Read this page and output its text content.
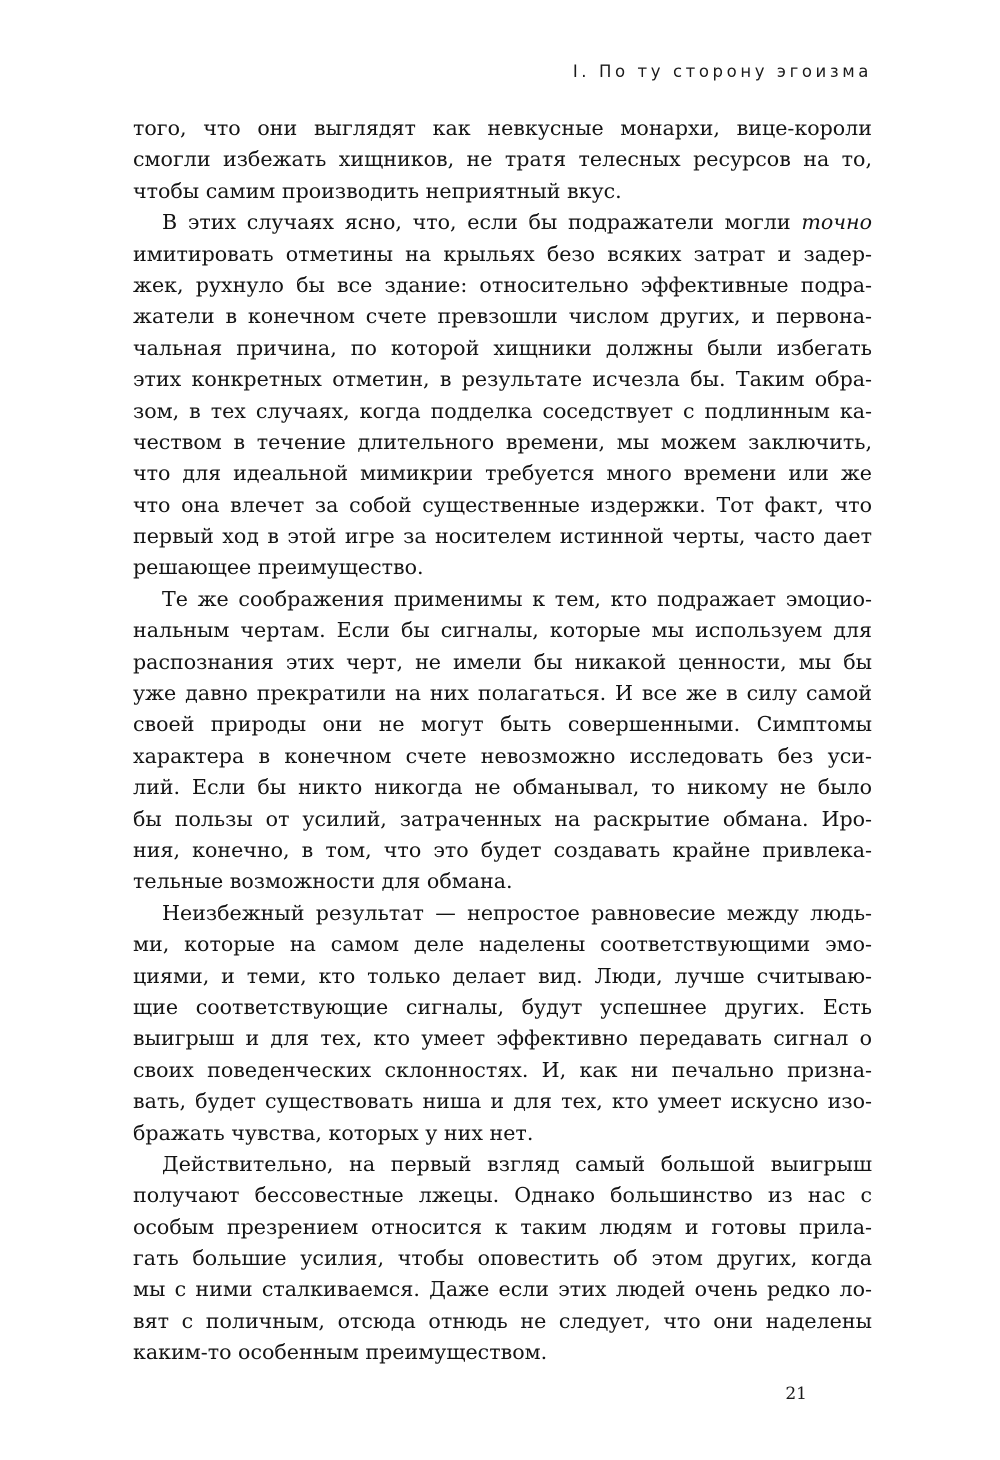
I. По ту сторону эгоизма
того, что они выглядят как невкусные монархи, вице-короли
смогли избежать хищников, не тратя телесных ресурсов на то,
чтобы самим производить неприятный вкус.
В этих случаях ясно, что, если бы подражатели могли точно
имитировать отметины на крыльях безо всяких затрат и задер-
жек, рухнуло бы все здание: относительно эффективные подра-
жатели в конечном счете превзошли числом других, и первона-
чальная причина, по которой хищники должны были избегать
этих конкретных отметин, в результате исчезла бы. Таким обра-
зом, в тех случаях, когда подделка соседствует с подлинным ка-
чеством в течение длительного времени, мы можем заключить,
что для идеальной мимикрии требуется много времени или же
что она влечет за собой существенные издержки. Тот факт, что
первый ход в этой игре за носителем истинной черты, часто дает
решающее преимущество.
Те же соображения применимы к тем, кто подражает эмоцио-
нальным чертам. Если бы сигналы, которые мы используем для
распознания этих черт, не имели бы никакой ценности, мы бы
уже давно прекратили на них полагаться. И все же в силу самой
своей природы они не могут быть совершенными. Симптомы
характера в конечном счете невозможно исследовать без уси-
лий. Если бы никто никогда не обманывал, то никому не было
бы пользы от усилий, затраченных на раскрытие обмана. Иро-
ния, конечно, в том, что это будет создавать крайне привлека-
тельные возможности для обмана.
Неизбежный результат — непростое равновесие между людь-
ми, которые на самом деле наделены соответствующими эмо-
циями, и теми, кто только делает вид. Люди, лучше считываю-
щие соответствующие сигналы, будут успешнее других. Есть
выигрыш и для тех, кто умеет эффективно передавать сигнал о
своих поведенческих склонностях. И, как ни печально призна-
вать, будет существовать ниша и для тех, кто умеет искусно изо-
бражать чувства, которых у них нет.
Действительно, на первый взгляд самый большой выигрыш
получают бессовестные лжецы. Однако большинство из нас с
особым презрением относится к таким людям и готовы прила-
гать большие усилия, чтобы оповестить об этом других, когда
мы с ними сталкиваемся. Даже если этих людей очень редко ло-
вят с поличным, отсюда отнюдь не следует, что они наделены
каким-то особенным преимуществом.
21
